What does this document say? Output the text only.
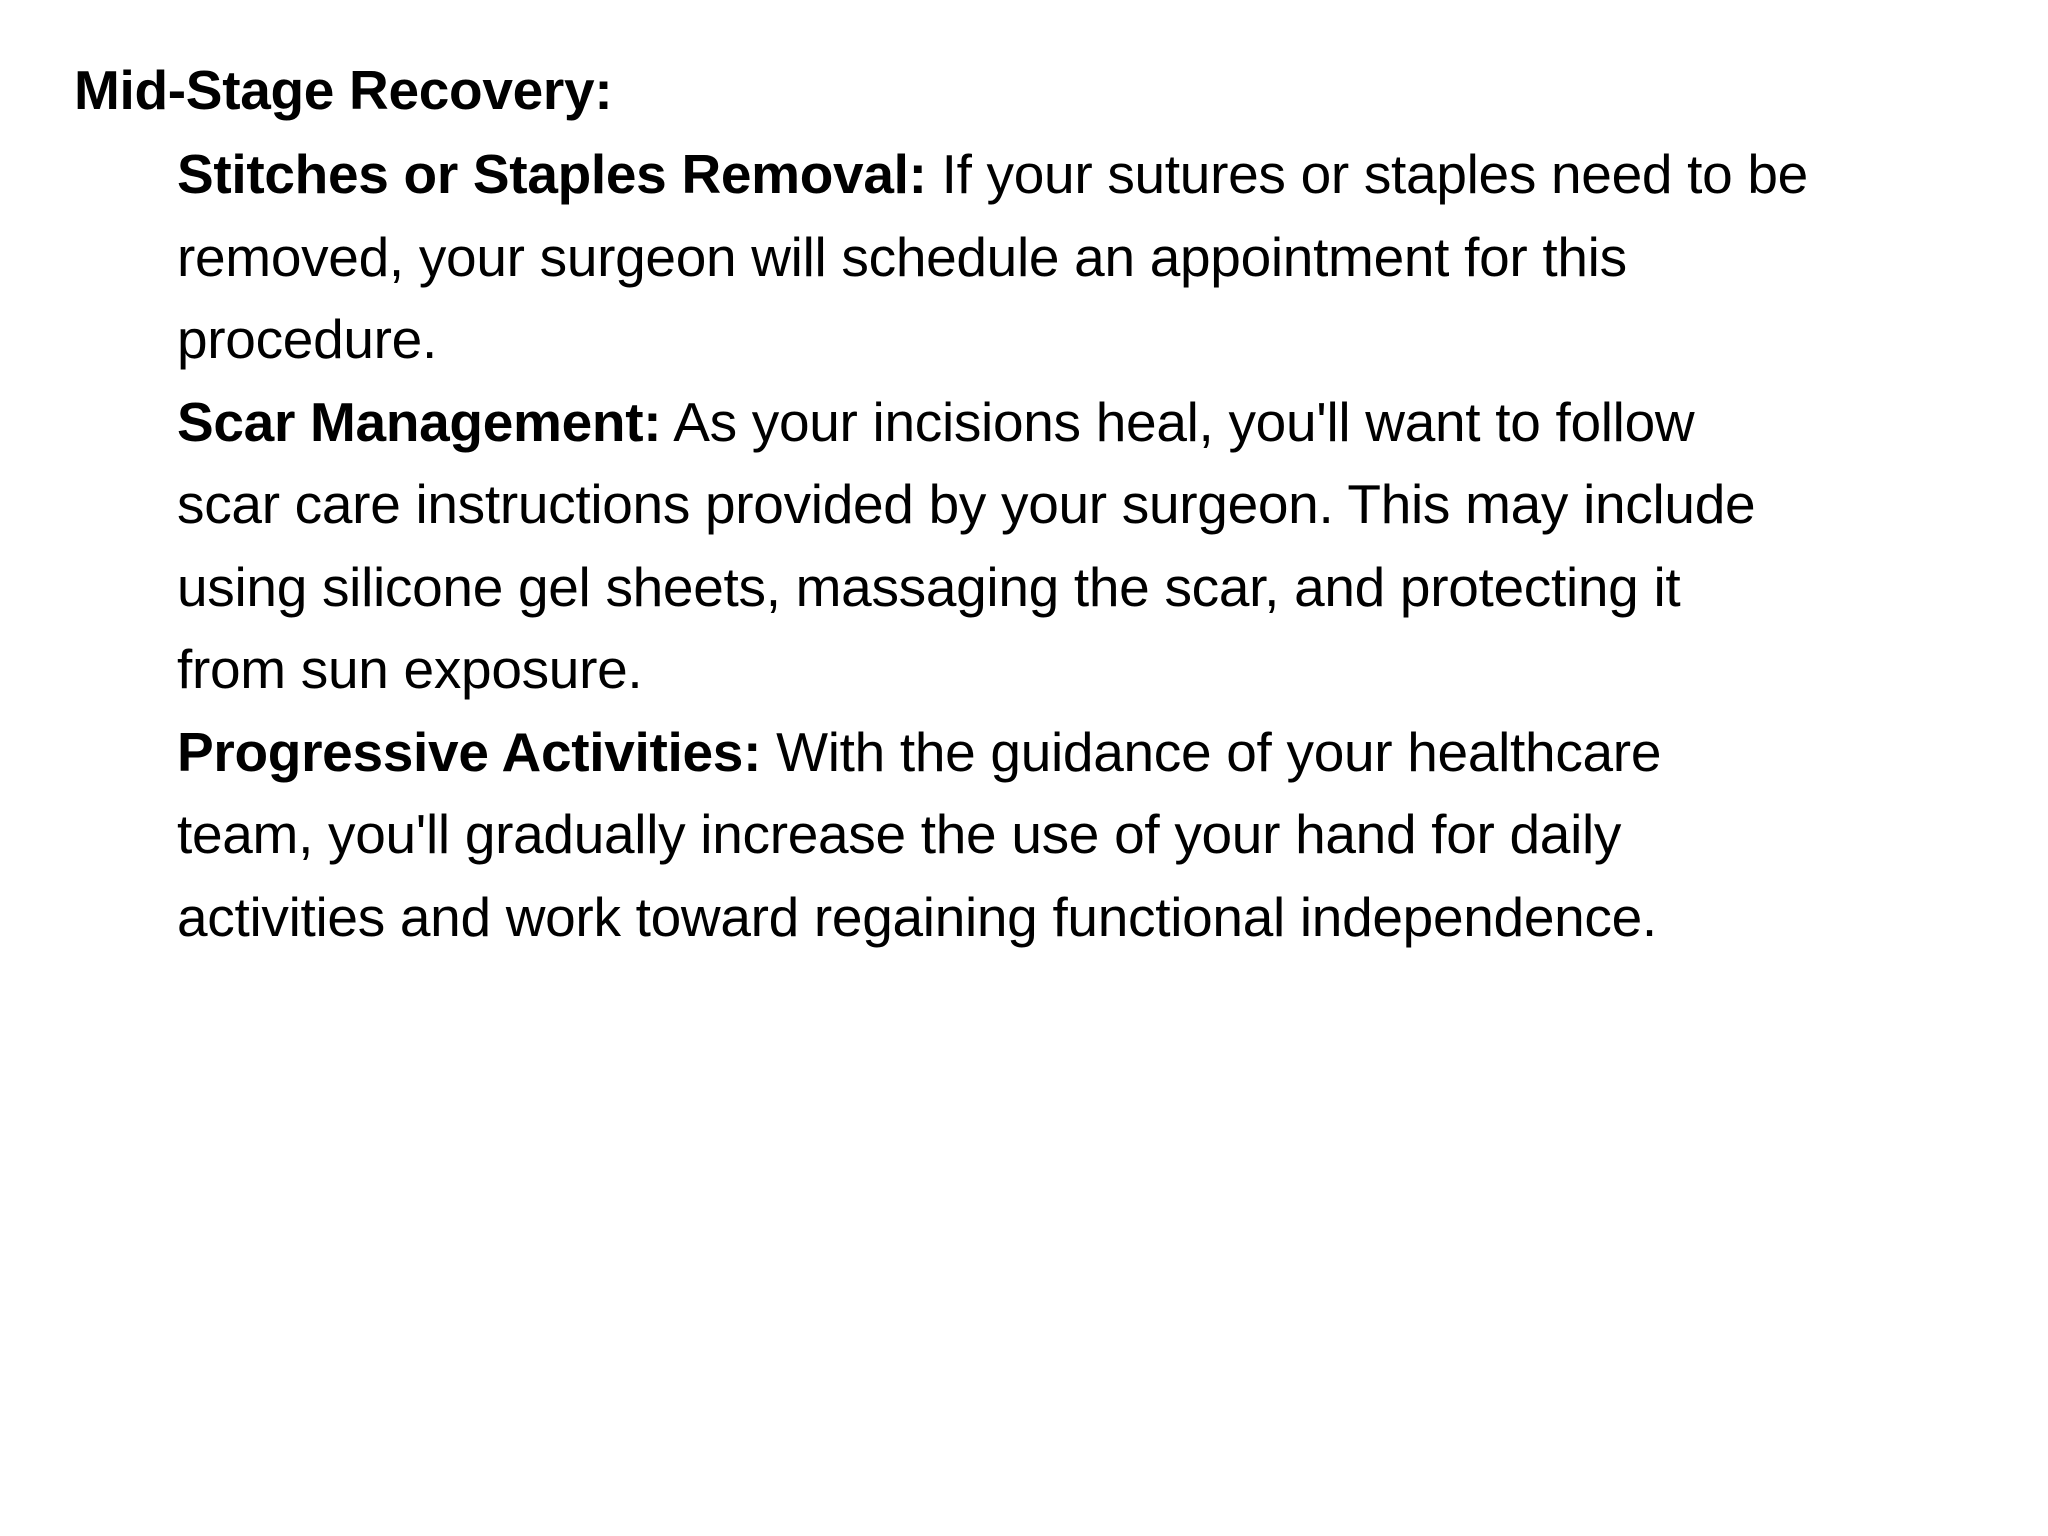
Mid-Stage Recovery:
Stitches or Staples Removal: If your sutures or staples need to be
removed, your surgeon will schedule an appointment for this
procedure.
Scar Management: As your incisions heal, you'll want to follow
scar care instructions provided by your surgeon. This may include
using silicone gel sheets, massaging the scar, and protecting it
from sun exposure.
Progressive Activities: With the guidance of your healthcare
team, you'll gradually increase the use of your hand for daily
activities and work toward regaining functional independence.
